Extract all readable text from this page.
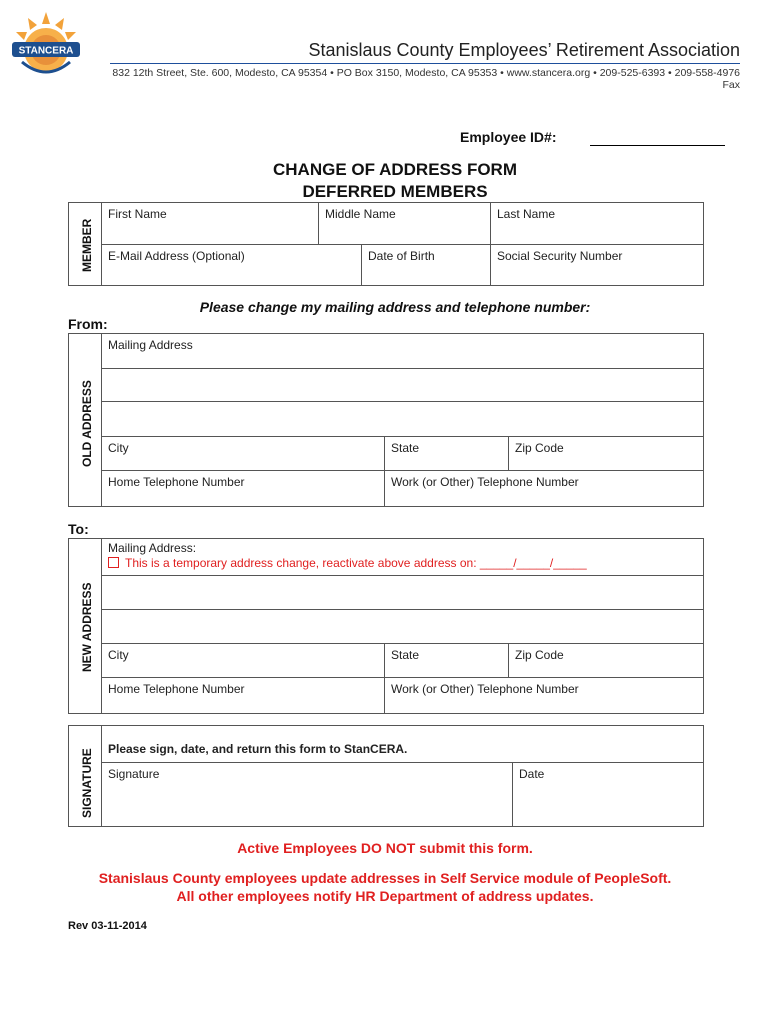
STANCERA	Stanislaus County Employees’ Retirement Association
832 12th Street, Ste. 600, Modesto, CA 95354 • PO Box 3150, Modesto, CA 95353 • www.stancera.org • 209-525-6393 • 209-558-4976 Fax
Employee ID#:
CHANGE OF ADDRESS FORM
DEFERRED MEMBERS
MEMBER
First Name	Middle Name	Last Name
E-Mail Address (Optional)	Date of Birth	Social Security Number
Please change my mailing address and telephone number:
From:
OLD ADDRESS
Mailing Address
City	State	Zip Code
Home Telephone Number	Work (or Other) Telephone Number
To:
NEW ADDRESS
Mailing Address:
This is a temporary address change, reactivate above address on: _____/_____/_____
City	State	Zip Code
Home Telephone Number	Work (or Other) Telephone Number
SIGNATURE	Please sign, date, and return this form to StanCERA.
Signature	Date
Active Employees DO NOT submit this form.
Stanislaus County employees update addresses in Self Service module of PeopleSoft.
All other employees notify HR Department of address updates.
Rev 03-11-2014
